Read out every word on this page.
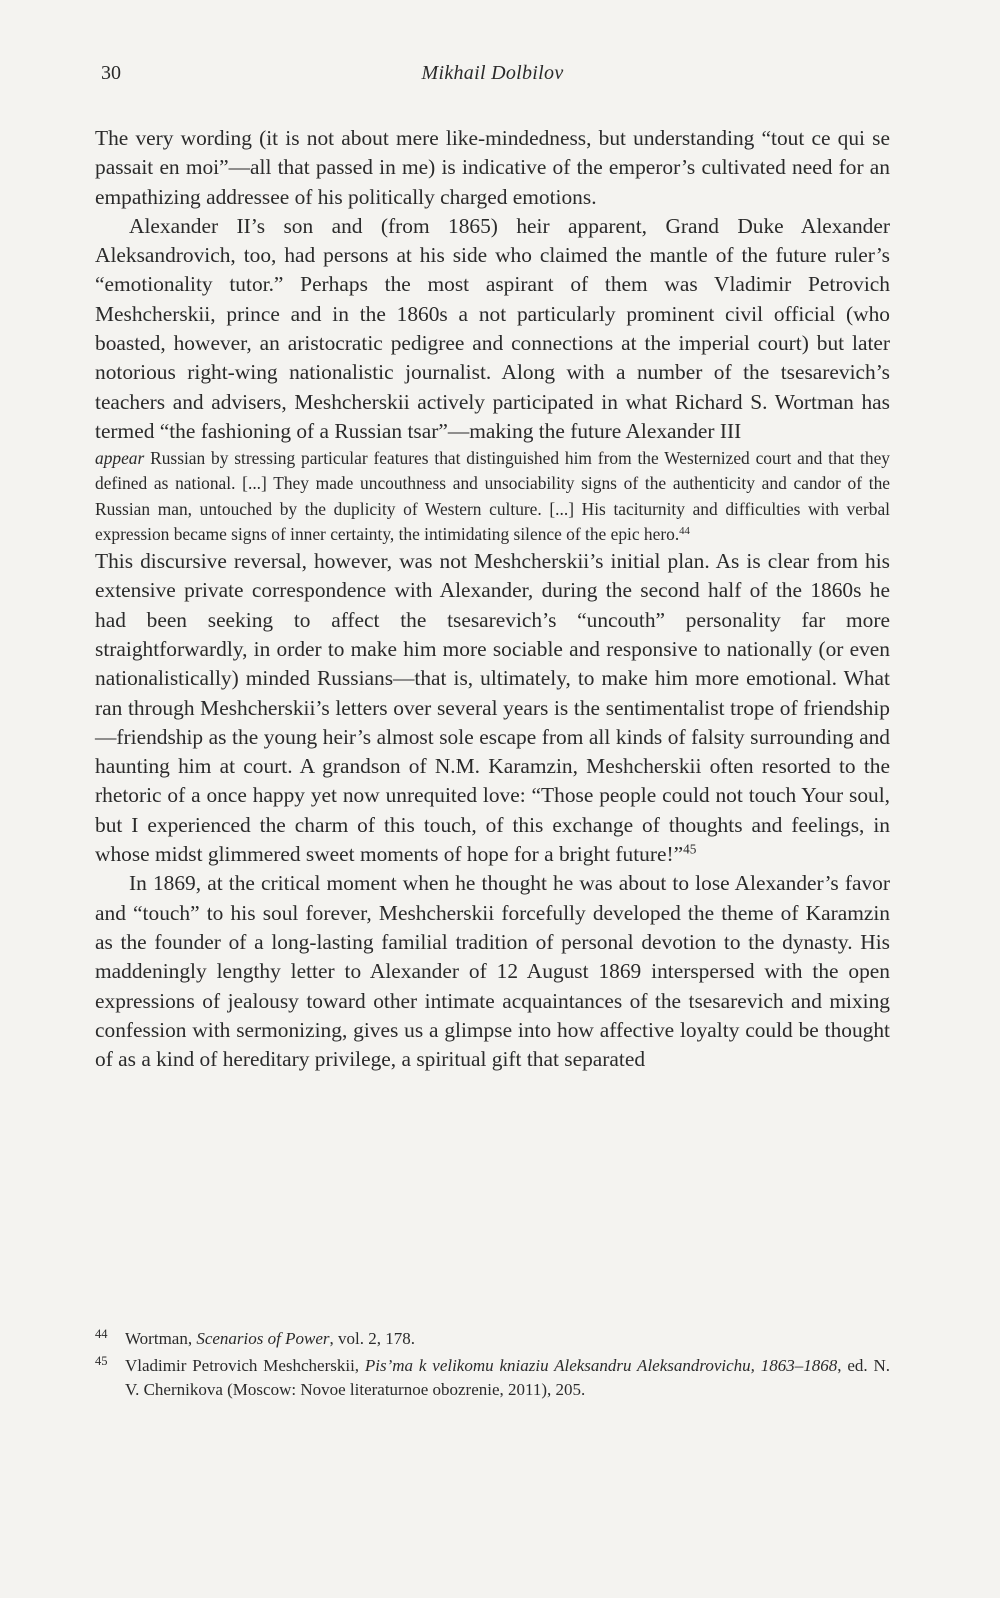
30	Mikhail Dolbilov

The very wording (it is not about mere like-mindedness, but understanding “tout ce qui se passait en moi”—all that passed in me) is indicative of the emperor’s cultivated need for an empathizing addressee of his politically charged emotions.

Alexander II’s son and (from 1865) heir apparent, Grand Duke Alexander Aleksandrovich, too, had persons at his side who claimed the mantle of the future ruler’s “emotionality tutor.” Perhaps the most aspirant of them was Vladimir Petrovich Meshcherskii, prince and in the 1860s a not particularly prominent civil official (who boasted, however, an aristocratic pedigree and connections at the imperial court) but later notorious right-wing nationalistic journalist. Along with a number of the tsesarevich’s teachers and advisers, Meshcherskii actively participated in what Richard S. Wortman has termed “the fashioning of a Russian tsar”—making the future Alexander III

appear Russian by stressing particular features that distinguished him from the Westernized court and that they defined as national. [...] They made uncouthness and unsociability signs of the authenticity and candor of the Russian man, untouched by the duplicity of Western culture. [...] His taciturnity and difficulties with verbal expression became signs of inner certainty, the intimidating silence of the epic hero.$^{44}$

This discursive reversal, however, was not Meshcherskii’s initial plan. As is clear from his extensive private correspondence with Alexander, during the second half of the 1860s he had been seeking to affect the tsesarevich’s “uncouth” personality far more straightforwardly, in order to make him more sociable and responsive to nationally (or even nationalistically) minded Russians—that is, ultimately, to make him more emotional. What ran through Meshcherskii’s letters over several years is the sentimentalist trope of friendship—friendship as the young heir’s almost sole escape from all kinds of falsity surrounding and haunting him at court. A grandson of N.M. Karamzin, Meshcherskii often resorted to the rhetoric of a once happy yet now unrequited love: “Those people could not touch Your soul, but I experienced the charm of this touch, of this exchange of thoughts and feelings, in whose midst glimmered sweet moments of hope for a bright future!”$^{45}$

In 1869, at the critical moment when he thought he was about to lose Alexander’s favor and “touch” to his soul forever, Meshcherskii forcefully developed the theme of Karamzin as the founder of a long-lasting familial tradition of personal devotion to the dynasty. His maddeningly lengthy letter to Alexander of 12 August 1869 interspersed with the open expressions of jealousy toward other intimate acquaintances of the tsesarevich and mixing confession with sermonizing, gives us a glimpse into how affective loyalty could be thought of as a kind of hereditary privilege, a spiritual gift that separated

44 Wortman, Scenarios of Power, vol. 2, 178.
45 Vladimir Petrovich Meshcherskii, Pis’ma k velikomu kniaziu Aleksandru Aleksandrovichu, 1863–1868, ed. N. V. Chernikova (Moscow: Novoe literaturnoe obozrenie, 2011), 205.
